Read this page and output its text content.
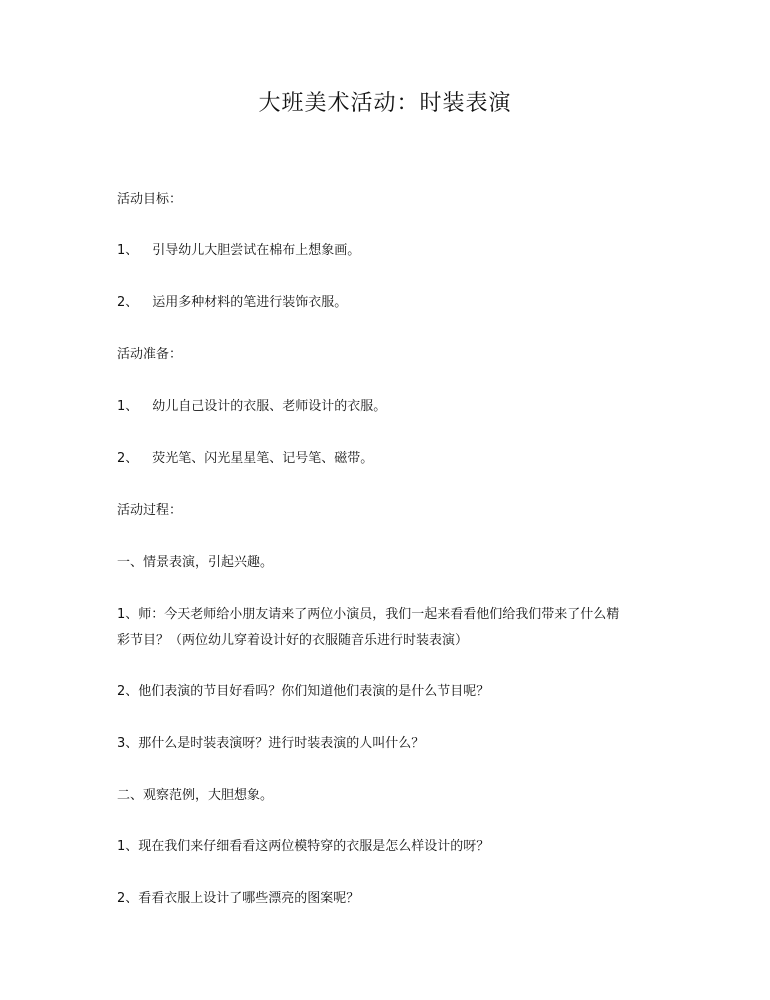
大班美术活动：时装表演
活动目标：
1、 引导幼儿大胆尝试在棉布上想象画。
2、 运用多种材料的笔进行装饰衣服。
活动准备：
1、 幼儿自己设计的衣服、老师设计的衣服。
2、 荧光笔、闪光星星笔、记号笔、磁带。
活动过程：
一、情景表演，引起兴趣。
1、师：今天老师给小朋友请来了两位小演员，我们一起来看看他们给我们带来了什么精
彩节目？（两位幼儿穿着设计好的衣服随音乐进行时装表演）
2、他们表演的节目好看吗？你们知道他们表演的是什么节目呢？
3、那什么是时装表演呀？进行时装表演的人叫什么？
二、观察范例，大胆想象。
1、现在我们来仔细看看这两位模特穿的衣服是怎么样设计的呀？
2、看看衣服上设计了哪些漂亮的图案呢？
